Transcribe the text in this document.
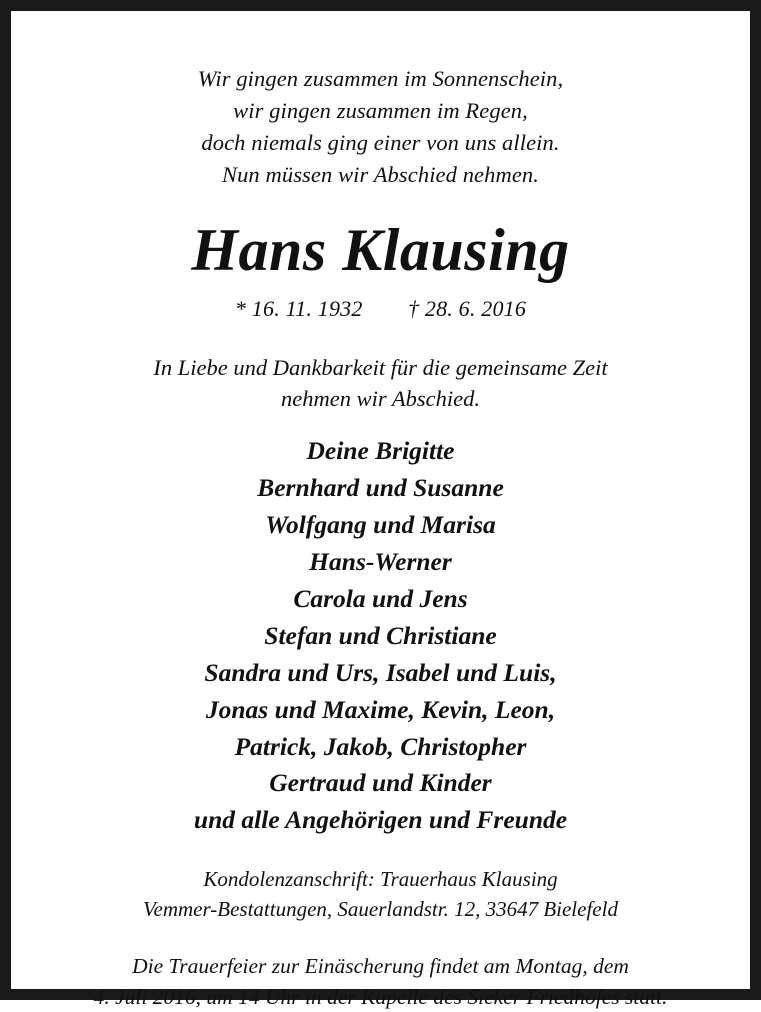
Wir gingen zusammen im Sonnenschein,
wir gingen zusammen im Regen,
doch niemals ging einer von uns allein.
Nun müssen wir Abschied nehmen.
Hans Klausing
* 16. 11. 1932 † 28. 6. 2016
In Liebe und Dankbarkeit für die gemeinsame Zeit
nehmen wir Abschied.
Deine Brigitte
Bernhard und Susanne
Wolfgang und Marisa
Hans-Werner
Carola und Jens
Stefan und Christiane
Sandra und Urs, Isabel und Luis,
Jonas und Maxime, Kevin, Leon,
Patrick, Jakob, Christopher
Gertraud und Kinder
und alle Angehörigen und Freunde
Kondolenzanschrift: Trauerhaus Klausing
Vemmer-Bestattungen, Sauerlandstr. 12, 33647 Bielefeld
Die Trauerfeier zur Einäscherung findet am Montag, dem
4. Juli 2016, um 14 Uhr in der Kapelle des Sieker Friedhofes statt.
